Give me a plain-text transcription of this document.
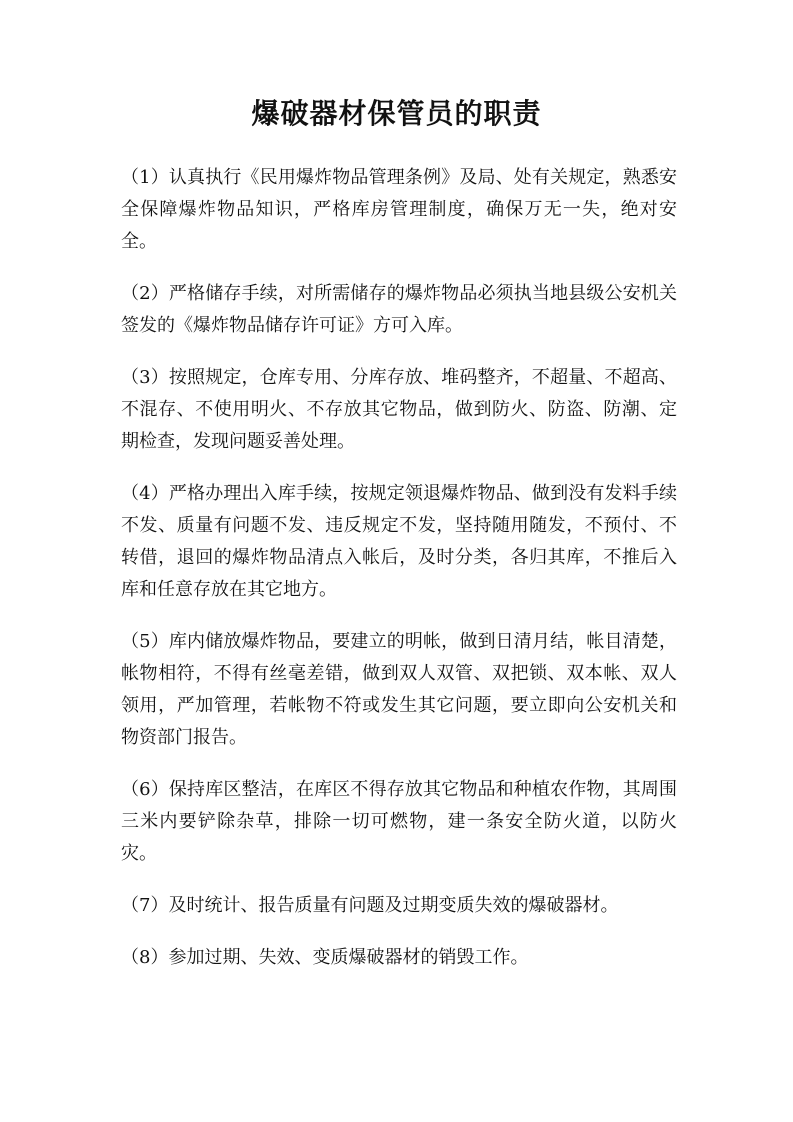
爆破器材保管员的职责

（1）认真执行《民用爆炸物品管理条例》及局、处有关规定，熟悉安全保障爆炸物品知识，严格库房管理制度，确保万无一失，绝对安全。

（2）严格储存手续，对所需储存的爆炸物品必须执当地县级公安机关签发的《爆炸物品储存许可证》方可入库。

（3）按照规定，仓库专用、分库存放、堆码整齐，不超量、不超高、不混存、不使用明火、不存放其它物品，做到防火、防盗、防潮、定期检查，发现问题妥善处理。

（4）严格办理出入库手续，按规定领退爆炸物品、做到没有发料手续不发、质量有问题不发、违反规定不发，坚持随用随发，不预付、不转借，退回的爆炸物品清点入帐后，及时分类，各归其库，不推后入库和任意存放在其它地方。

（5）库内储放爆炸物品，要建立的明帐，做到日清月结，帐目清楚，帐物相符，不得有丝毫差错，做到双人双管、双把锁、双本帐、双人领用，严加管理，若帐物不符或发生其它问题，要立即向公安机关和物资部门报告。

（6）保持库区整洁，在库区不得存放其它物品和种植农作物，其周围三米内要铲除杂草，排除一切可燃物，建一条安全防火道，以防火灾。

（7）及时统计、报告质量有问题及过期变质失效的爆破器材。

（8）参加过期、失效、变质爆破器材的销毁工作。
